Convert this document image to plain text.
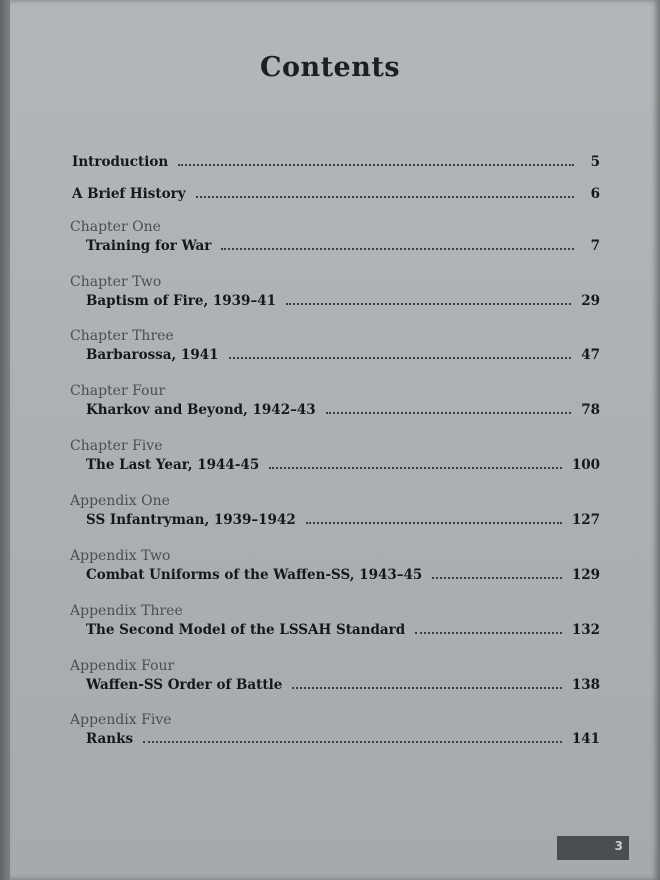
Contents
Introduction	5
A Brief History	6
Chapter One
Training for War	7
Chapter Two
Baptism of Fire, 1939–41	29
Chapter Three
Barbarossa, 1941	47
Chapter Four
Kharkov and Beyond, 1942–43	78
Chapter Five
The Last Year, 1944-45	100
Appendix One
SS Infantryman, 1939–1942	127
Appendix Two
Combat Uniforms of the Waffen-SS, 1943–45	129
Appendix Three
The Second Model of the LSSAH Standard	132
Appendix Four
Waffen-SS Order of Battle	138
Appendix Five
Ranks	141
3
